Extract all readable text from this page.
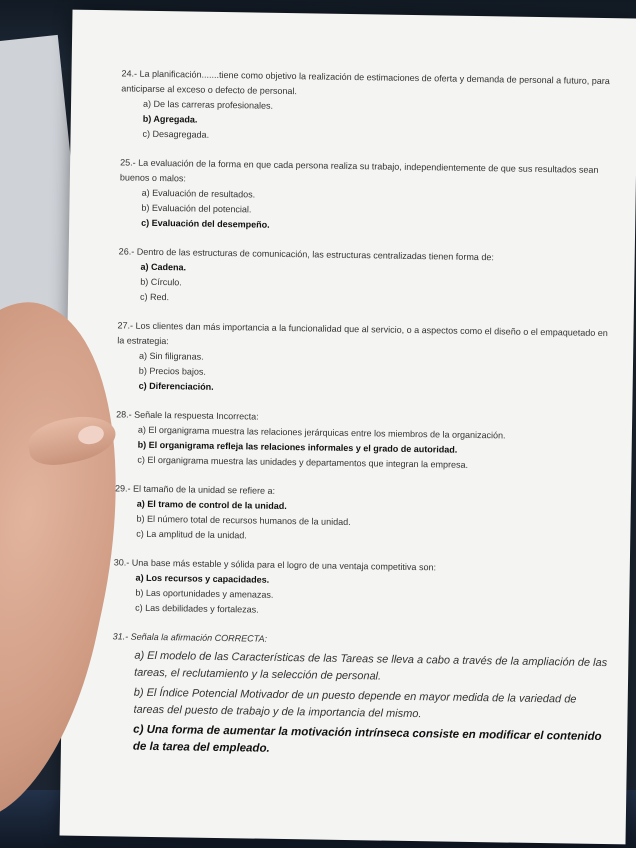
24.- La planificación.......tiene como objetivo la realización de estimaciones de oferta y demanda de personal a futuro, para anticiparse al exceso o defecto de personal.
a) De las carreras profesionales.
b) Agregada.
c) Desagregada.
25.- La evaluación de la forma en que cada persona realiza su trabajo, independientemente de que sus resultados sean buenos o malos:
a) Evaluación de resultados.
b) Evaluación del potencial.
c) Evaluación del desempeño.
26.- Dentro de las estructuras de comunicación, las estructuras centralizadas tienen forma de:
a) Cadena.
b) Círculo.
c) Red.
27.- Los clientes dan más importancia a la funcionalidad que al servicio, o a aspectos como el diseño o el empaquetado en la estrategia:
a) Sin filigranas.
b) Precios bajos.
c) Diferenciación.
28.- Señale la respuesta Incorrecta:
a) El organigrama muestra las relaciones jerárquicas entre los miembros de la organización.
b) El organigrama refleja las relaciones informales y el grado de autoridad.
c) El organigrama muestra las unidades y departamentos que integran la empresa.
29.- El tamaño de la unidad se refiere a:
a) El tramo de control de la unidad.
b) El número total de recursos humanos de la unidad.
c) La amplitud de la unidad.
30.- Una base más estable y sólida para el logro de una ventaja competitiva son:
a) Los recursos y capacidades.
b) Las oportunidades y amenazas.
c) Las debilidades y fortalezas.
31.- Señala la afirmación CORRECTA:
a) El modelo de las Características de las Tareas se lleva a cabo a través de la ampliación de las tareas, el reclutamiento y la selección de personal.
b) El Índice Potencial Motivador de un puesto depende en mayor medida de la variedad de tareas del puesto de trabajo y de la importancia del mismo.
c) Una forma de aumentar la motivación intrínseca consiste en modificar el contenido de la tarea del empleado.
